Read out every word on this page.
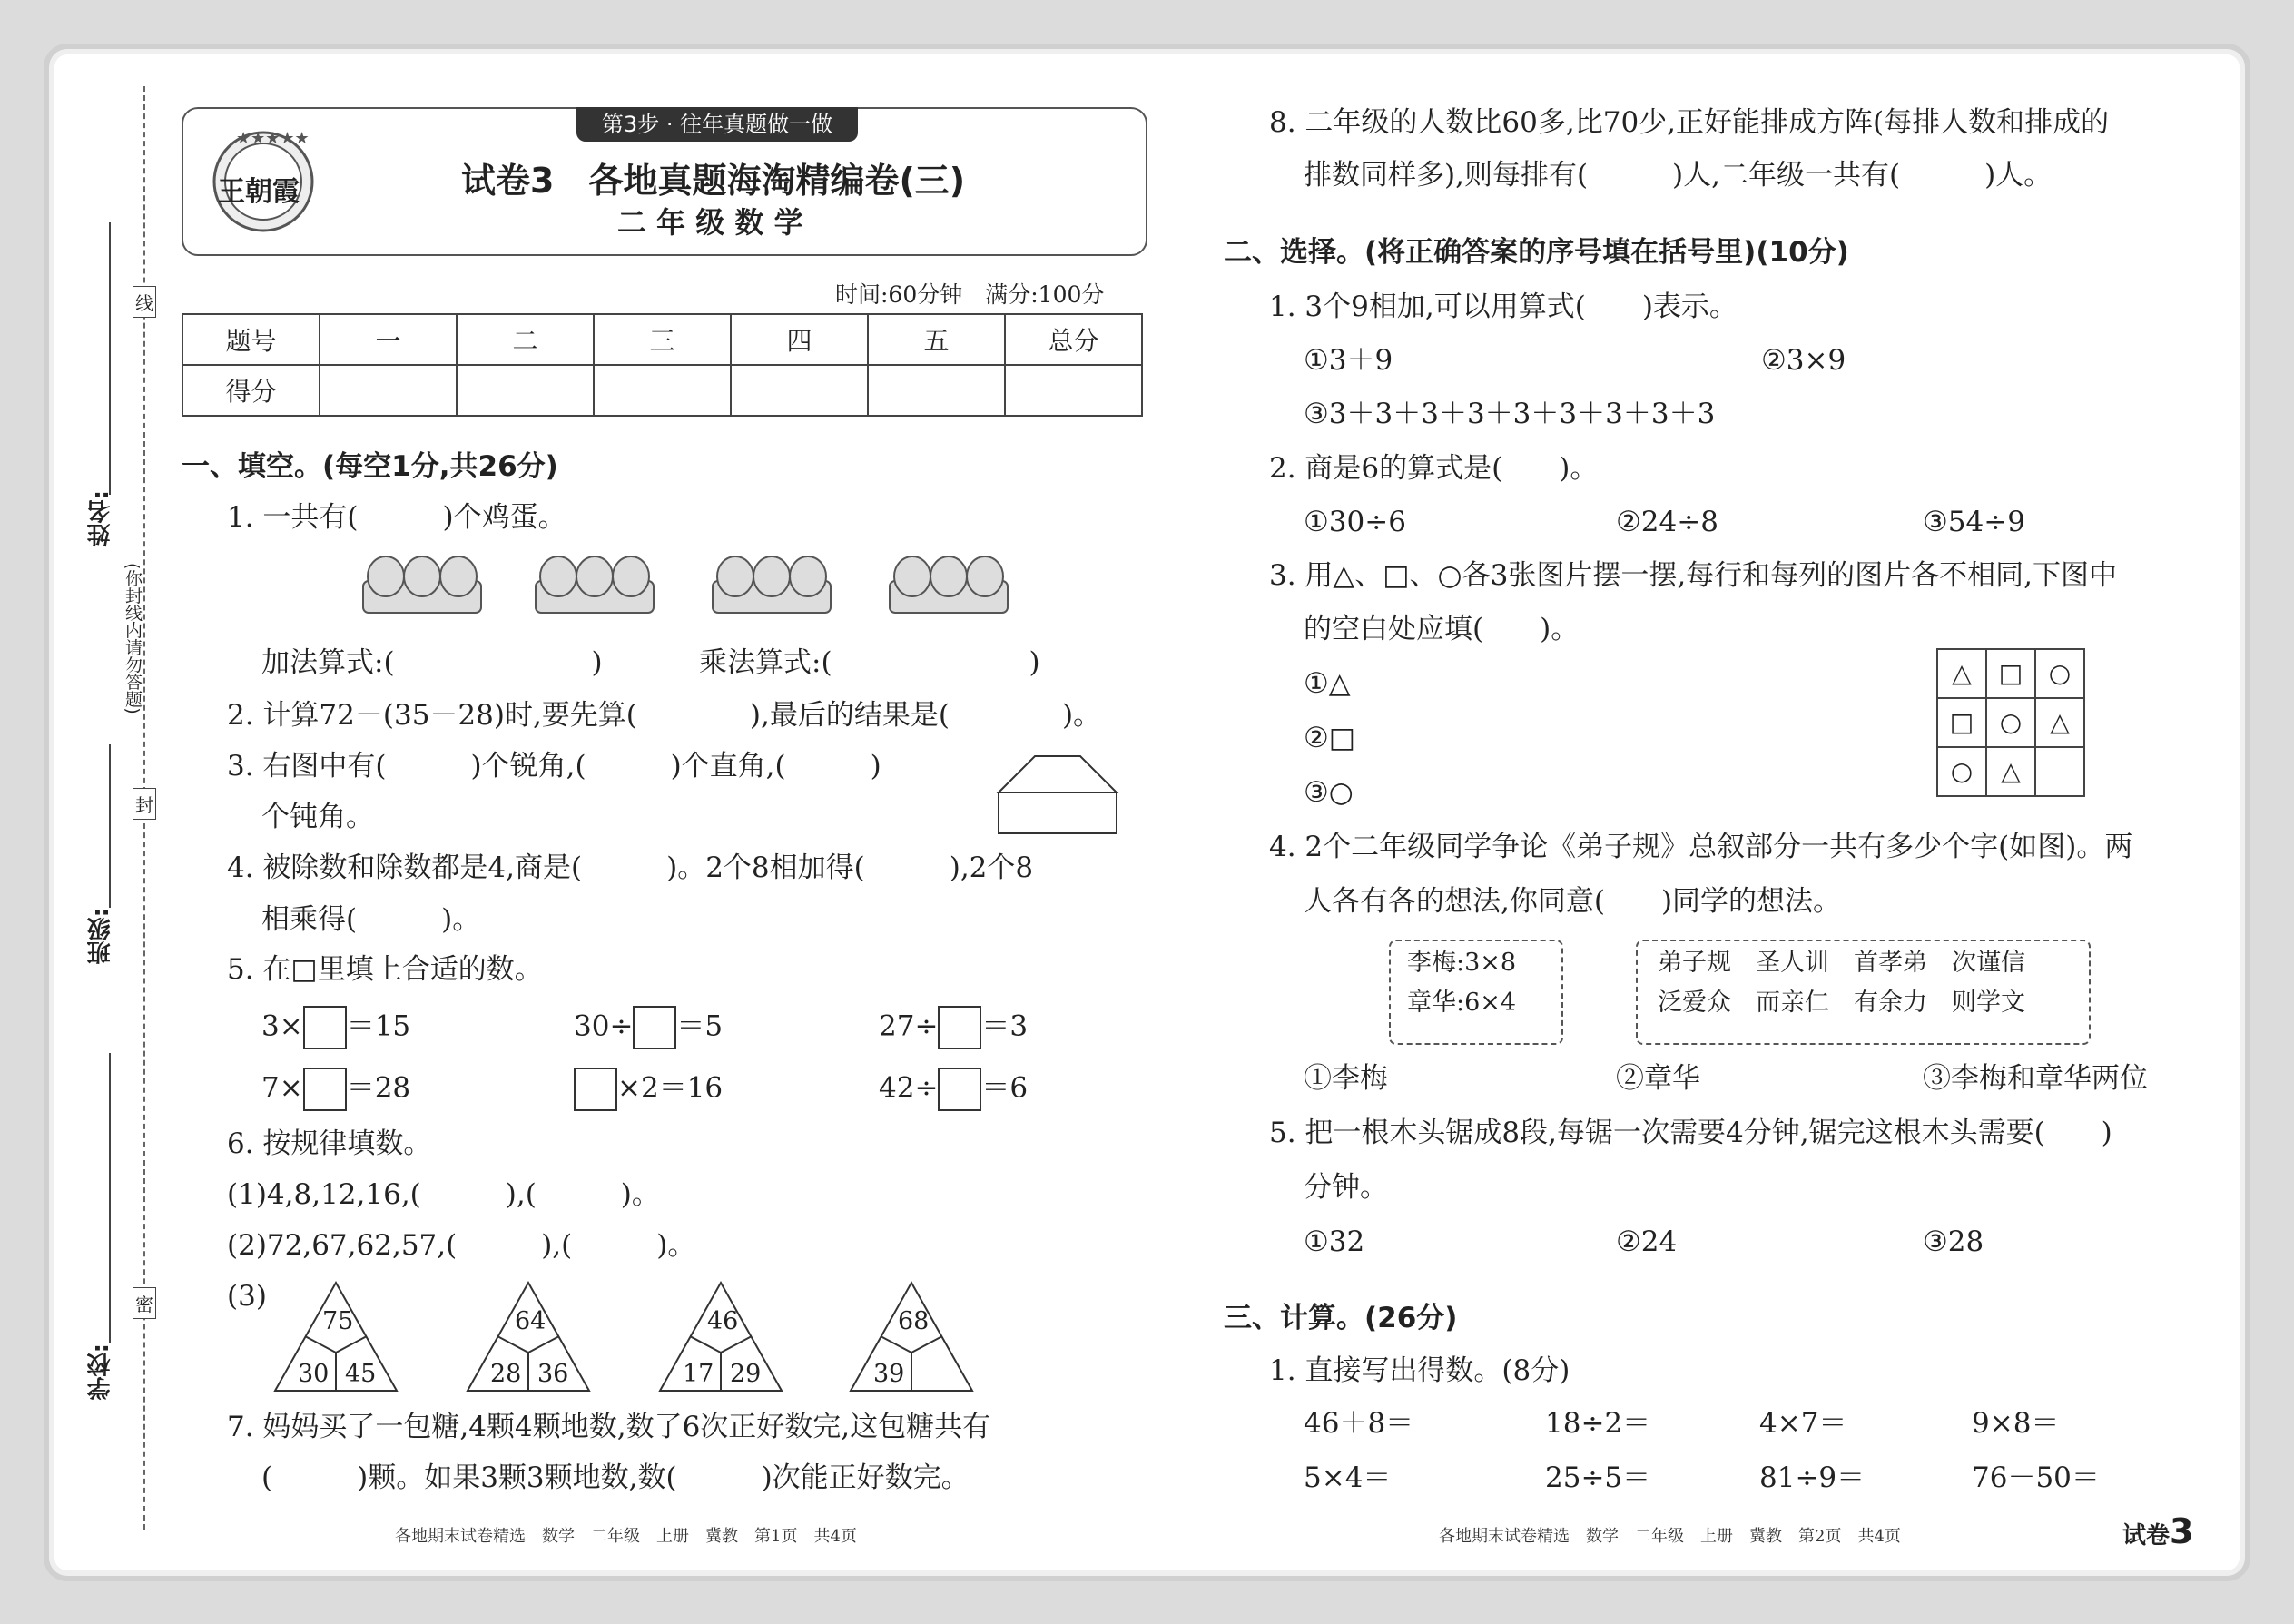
线
封
密
(你封线内请勿答题)
姓名:
班级:
学校:
第3步 · 往年真题做一做
★★★★★
王朝霞	试卷3　各地真题海淘精编卷(三)
二 年 级 数 学
时间:60分钟　满分:100分
题号	一	二	三	四	五	总分
得分						
一、填空。(每空1分,共26分)
1. 一共有(　　　)个鸡蛋。
加法算式:(　　　　　　　)	乘法算式:(　　　　　　　)
2. 计算72－(35－28)时,要先算(　　　　),最后的结果是(　　　　)。
3. 右图中有(　　　)个锐角,(　　　)个直角,(　　　)
个钝角。
4. 被除数和除数都是4,商是(　　　)。2个8相加得(　　　),2个8
相乘得(　　　)。
5. 在□里填上合适的数。
3× ＝15	30÷ ＝5	27÷ ＝3
7× ＝28	×2＝16	42÷ ＝6
6. 按规律填数。
(1)4,8,12,16,(　　　),(　　　)。
(2)72,67,62,57,(　　　),(　　　)。
(3)
75
30 45
64
28 36
46
17 29
68
39
7. 妈妈买了一包糖,4颗4颗地数,数了6次正好数完,这包糖共有
(　　　)颗。如果3颗3颗地数,数(　　　)次能正好数完。
各地期末试卷精选　数学　二年级　上册　冀教　第1页　共4页
8. 二年级的人数比60多,比70少,正好能排成方阵(每排人数和排成的
排数同样多),则每排有(　　　)人,二年级一共有(　　　)人。
二、选择。(将正确答案的序号填在括号里)(10分)
1. 3个9相加,可以用算式(　　)表示。
①3＋9	②3×9
③3＋3＋3＋3＋3＋3＋3＋3＋3
2. 商是6的算式是(　　)。
①30÷6	②24÷8	③54÷9
3. 用△、□、○各3张图片摆一摆,每行和每列的图片各不相同,下图中
的空白处应填(　　)。
①△
②□
③○
△	□	○
□	○	△
○	△
4. 2个二年级同学争论《弟子规》总叙部分一共有多少个字(如图)。两
人各有各的想法,你同意(　　)同学的想法。
李梅:3×8
章华:6×4
弟子规　圣人训　首孝弟　次谨信
泛爱众　而亲仁　有余力　则学文
①李梅	②章华	③李梅和章华两位
5. 把一根木头锯成8段,每锯一次需要4分钟,锯完这根木头需要(　　)
分钟。
①32	②24	③28
三、计算。(26分)
1. 直接写出得数。(8分)
46＋8＝	18÷2＝	4×7＝	9×8＝
5×4＝	25÷5＝	81÷9＝	76－50＝
各地期末试卷精选　数学　二年级　上册　冀教　第2页　共4页	试卷3
